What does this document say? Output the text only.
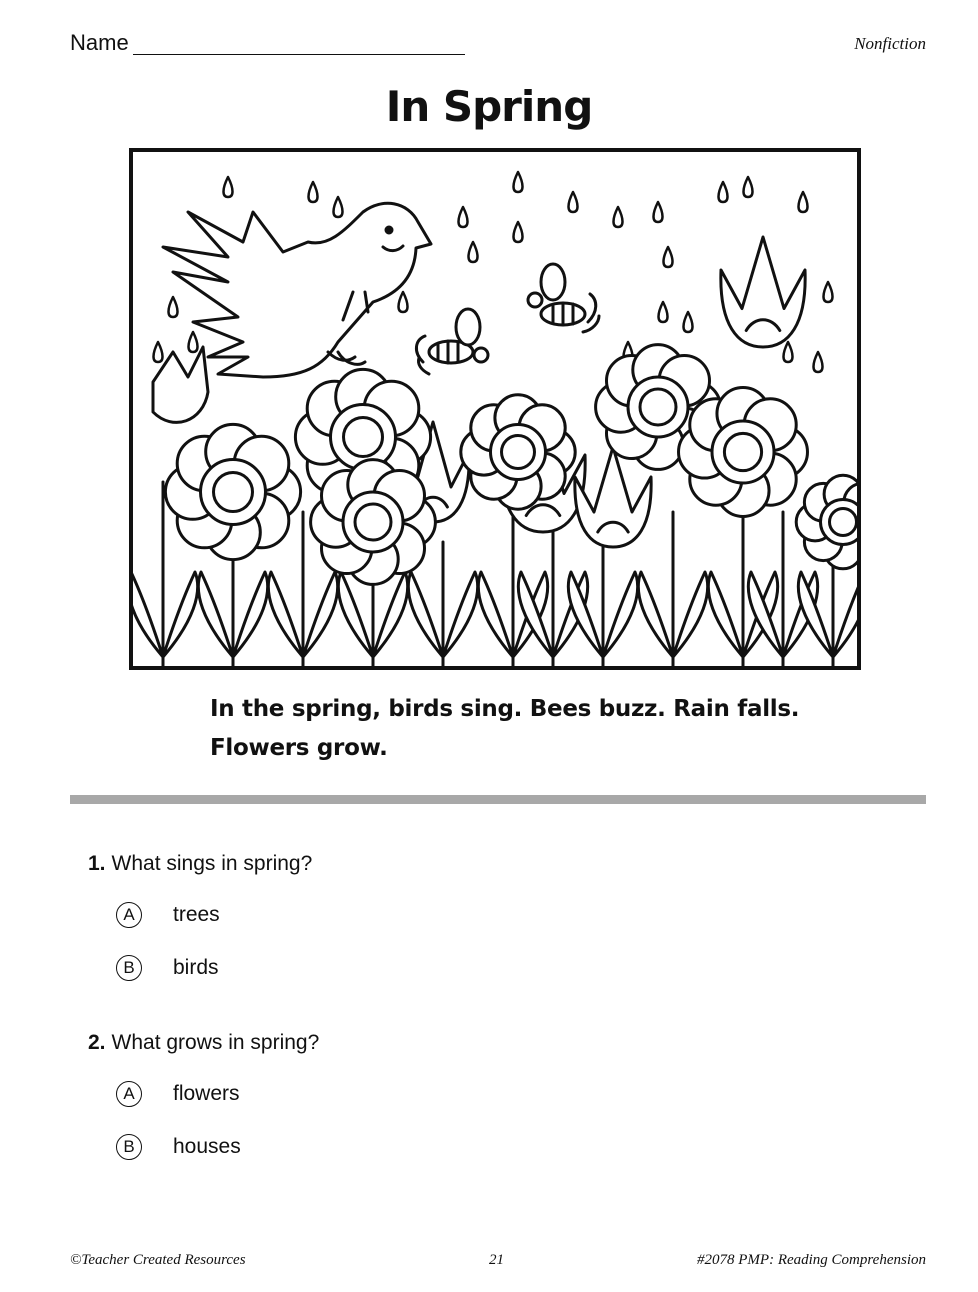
Name	Nonfiction
In Spring
In the spring, birds sing. Bees buzz. Rain falls. Flowers grow.
1. What sings in spring?
A	trees
B	birds
2. What grows in spring?
A	flowers
B	houses
©Teacher Created Resources	21	#2078 PMP: Reading Comprehension
